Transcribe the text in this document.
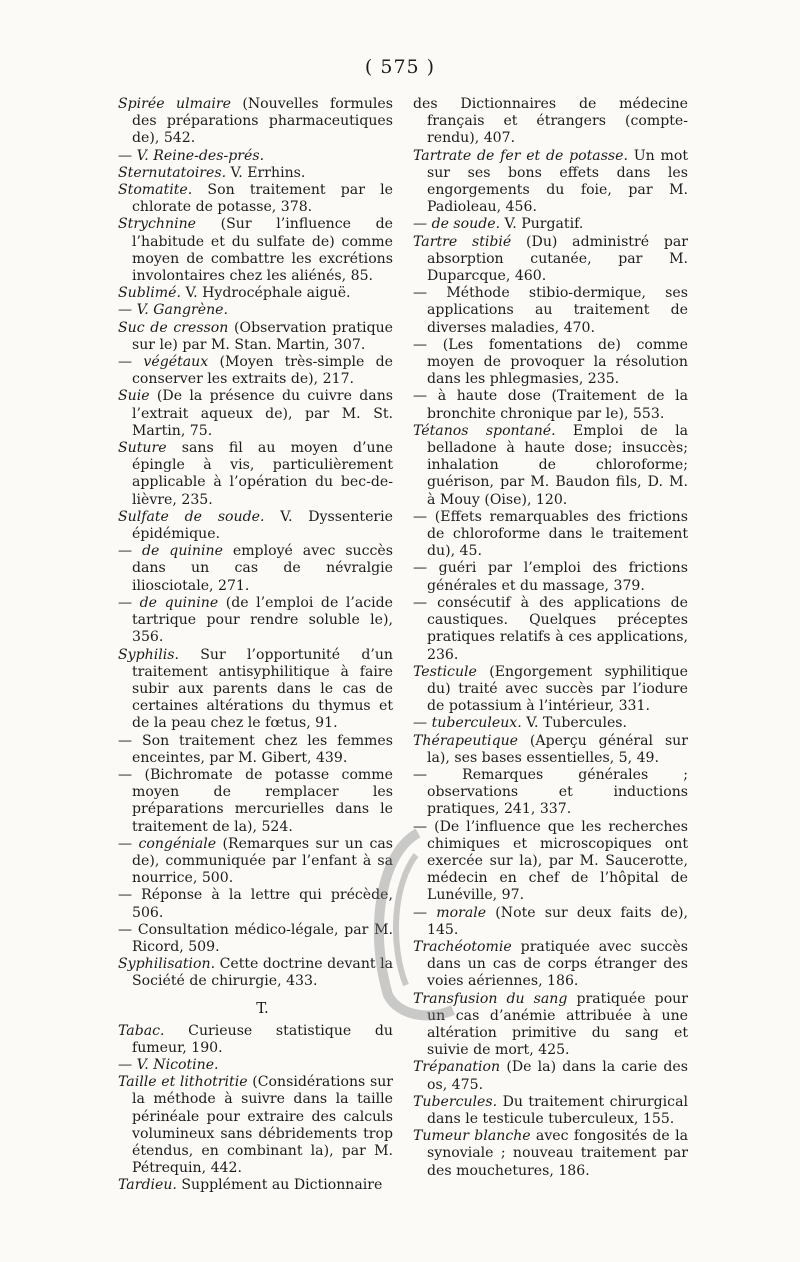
( 575 )

Spirée ulmaire (Nouvelles formules des préparations pharmaceutiques de), 542.

— V. Reine-des-prés.

Sternutatoires. V. Errhins.

Stomatite. Son traitement par le chlorate de potasse, 378.

Strychnine (Sur l’influence de l’habitude et du sulfate de) comme moyen de combattre les excrétions involontaires chez les aliénés, 85.

Sublimé. V. Hydrocéphale aiguë.

— V. Gangrène.

Suc de cresson (Observation pratique sur le) par M. Stan. Martin, 307.

— végétaux (Moyen très-simple de conserver les extraits de), 217.

Suie (De la présence du cuivre dans l’extrait aqueux de), par M. St. Martin, 75.

Suture sans fil au moyen d’une épingle à vis, particulièrement applicable à l’opération du bec-de-lièvre, 235.

Sulfate de soude. V. Dyssenterie épidémique.

— de quinine employé avec succès dans un cas de névralgie iliosciotale, 271.

— de quinine (de l’emploi de l’acide tartrique pour rendre soluble le), 356.

Syphilis. Sur l’opportunité d’un traitement antisyphilitique à faire subir aux parents dans le cas de certaines altérations du thymus et de la peau chez le fœtus, 91.

— Son traitement chez les femmes enceintes, par M. Gibert, 439.

— (Bichromate de potasse comme moyen de remplacer les préparations mercurielles dans le traitement de la), 524.

— congéniale (Remarques sur un cas de), communiquée par l’enfant à sa nourrice, 500.

— Réponse à la lettre qui précède, 506.

— Consultation médico-légale, par M. Ricord, 509.

Syphilisation. Cette doctrine devant la Société de chirurgie, 433.

T.

Tabac. Curieuse statistique du fumeur, 190.

— V. Nicotine.

Taille et lithotritie (Considérations sur la méthode à suivre dans la taille périnéale pour extraire des calculs volumineux sans débridements trop étendus, en combinant la), par M. Pétrequin, 442.

Tardieu. Supplément au Dictionnaire

des Dictionnaires de médecine français et étrangers (compte-rendu), 407.

Tartrate de fer et de potasse. Un mot sur ses bons effets dans les engorgements du foie, par M. Padioleau, 456.

— de soude. V. Purgatif.

Tartre stibié (Du) administré par absorption cutanée, par M. Duparcque, 460.

— Méthode stibio-dermique, ses applications au traitement de diverses maladies, 470.

— (Les fomentations de) comme moyen de provoquer la résolution dans les phlegmasies, 235.

— à haute dose (Traitement de la bronchite chronique par le), 553.

Tétanos spontané. Emploi de la belladone à haute dose; insuccès; inhalation de chloroforme; guérison, par M. Baudon fils, D. M. à Mouy (Oise), 120.

— (Effets remarquables des frictions de chloroforme dans le traitement du), 45.

— guéri par l’emploi des frictions générales et du massage, 379.

— consécutif à des applications de caustiques. Quelques préceptes pratiques relatifs à ces applications, 236.

Testicule (Engorgement syphilitique du) traité avec succès par l’iodure de potassium à l’intérieur, 331.

— tuberculeux. V. Tubercules.

Thérapeutique (Aperçu général sur la), ses bases essentielles, 5, 49.

— Remarques générales ; observations et inductions pratiques, 241, 337.

— (De l’influence que les recherches chimiques et microscopiques ont exercée sur la), par M. Saucerotte, médecin en chef de l’hôpital de Lunéville, 97.

— morale (Note sur deux faits de), 145.

Trachéotomie pratiquée avec succès dans un cas de corps étranger des voies aériennes, 186.

Transfusion du sang pratiquée pour un cas d’anémie attribuée à une altération primitive du sang et suivie de mort, 425.

Trépanation (De la) dans la carie des os, 475.

Tubercules. Du traitement chirurgical dans le testicule tuberculeux, 155.

Tumeur blanche avec fongosités de la synoviale ; nouveau traitement par des mouchetures, 186.
